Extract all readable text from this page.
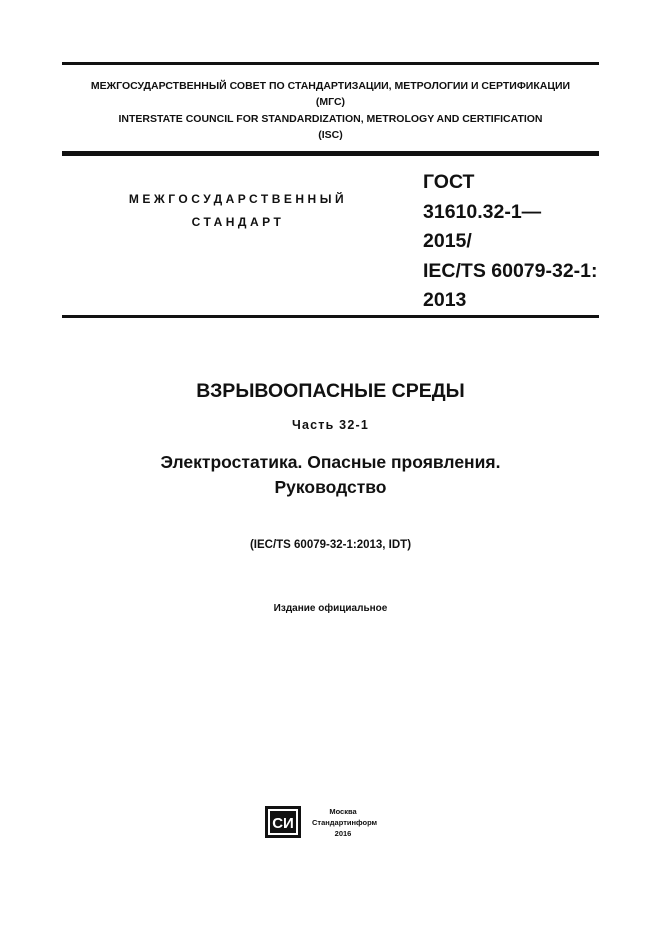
МЕЖГОСУДАРСТВЕННЫЙ СОВЕТ ПО СТАНДАРТИЗАЦИИ, МЕТРОЛОГИИ И СЕРТИФИКАЦИИ
(МГС)
INTERSTATE COUNCIL FOR STANDARDIZATION, METROLOGY AND CERTIFICATION
(ISC)
МЕЖГОСУДАРСТВЕННЫЙ
СТАНДАРТ
ГОСТ
31610.32-1—
2015/
IEC/TS 60079-32-1:
2013
ВЗРЫВООПАСНЫЕ СРЕДЫ
Часть 32-1
Электростатика. Опасные проявления.
Руководство
(IEC/TS 60079-32-1:2013, IDT)
Издание официальное
СИ
Москва
Стандартинформ
2016
